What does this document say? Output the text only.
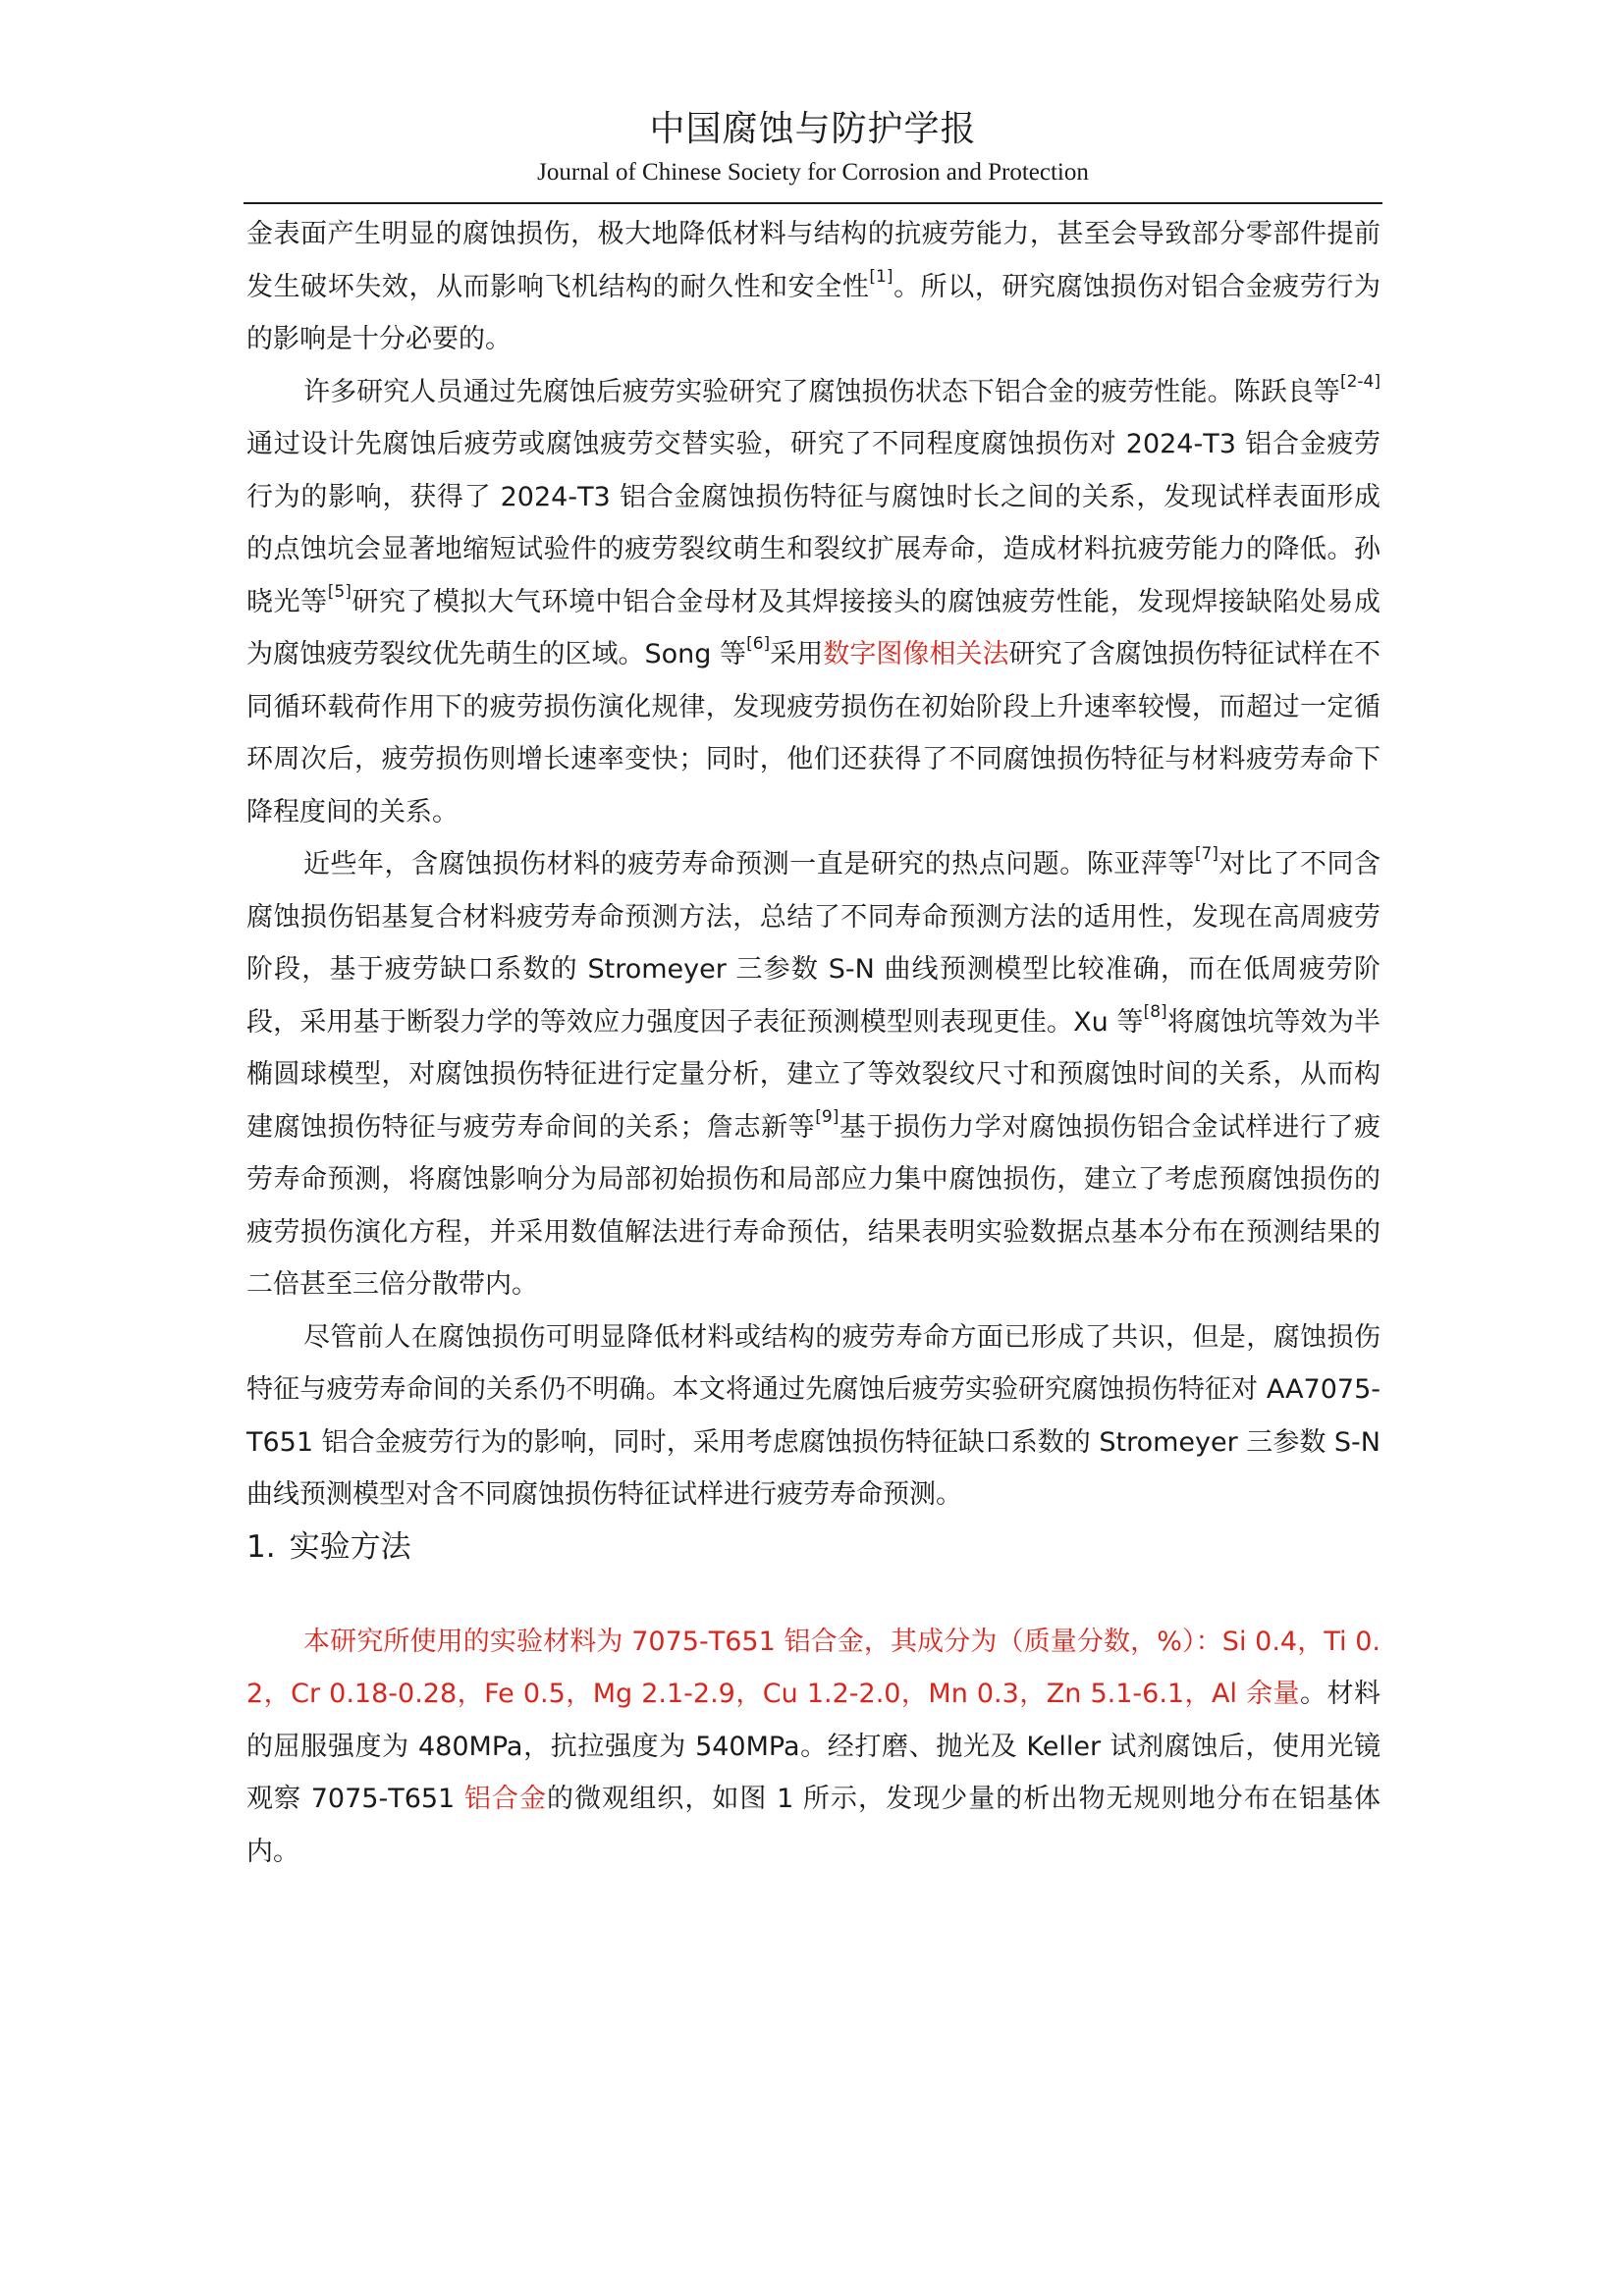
中国腐蚀与防护学报
Journal of Chinese Society for Corrosion and Protection

金表面产生明显的腐蚀损伤，极大地降低材料与结构的抗疲劳能力，甚至会导致部分零部件提前发生破坏失效，从而影响飞机结构的耐久性和安全性[1]。所以，研究腐蚀损伤对铝合金疲劳行为的影响是十分必要的。

许多研究人员通过先腐蚀后疲劳实验研究了腐蚀损伤状态下铝合金的疲劳性能。陈跃良等[2-4]通过设计先腐蚀后疲劳或腐蚀疲劳交替实验，研究了不同程度腐蚀损伤对 2024-T3 铝合金疲劳行为的影响，获得了 2024-T3 铝合金腐蚀损伤特征与腐蚀时长之间的关系，发现试样表面形成的点蚀坑会显著地缩短试验件的疲劳裂纹萌生和裂纹扩展寿命，造成材料抗疲劳能力的降低。孙晓光等[5]研究了模拟大气环境中铝合金母材及其焊接接头的腐蚀疲劳性能，发现焊接缺陷处易成为腐蚀疲劳裂纹优先萌生的区域。Song 等[6]采用数字图像相关法研究了含腐蚀损伤特征试样在不同循环载荷作用下的疲劳损伤演化规律，发现疲劳损伤在初始阶段上升速率较慢，而超过一定循环周次后，疲劳损伤则增长速率变快；同时，他们还获得了不同腐蚀损伤特征与材料疲劳寿命下降程度间的关系。

近些年，含腐蚀损伤材料的疲劳寿命预测一直是研究的热点问题。陈亚萍等[7]对比了不同含腐蚀损伤铝基复合材料疲劳寿命预测方法，总结了不同寿命预测方法的适用性，发现在高周疲劳阶段，基于疲劳缺口系数的 Stromeyer 三参数 S-N 曲线预测模型比较准确，而在低周疲劳阶段，采用基于断裂力学的等效应力强度因子表征预测模型则表现更佳。Xu 等[8]将腐蚀坑等效为半椭圆球模型，对腐蚀损伤特征进行定量分析，建立了等效裂纹尺寸和预腐蚀时间的关系，从而构建腐蚀损伤特征与疲劳寿命间的关系；詹志新等[9]基于损伤力学对腐蚀损伤铝合金试样进行了疲劳寿命预测，将腐蚀影响分为局部初始损伤和局部应力集中腐蚀损伤，建立了考虑预腐蚀损伤的疲劳损伤演化方程，并采用数值解法进行寿命预估，结果表明实验数据点基本分布在预测结果的二倍甚至三倍分散带内。

尽管前人在腐蚀损伤可明显降低材料或结构的疲劳寿命方面已形成了共识，但是，腐蚀损伤特征与疲劳寿命间的关系仍不明确。本文将通过先腐蚀后疲劳实验研究腐蚀损伤特征对 AA7075-T651 铝合金疲劳行为的影响，同时，采用考虑腐蚀损伤特征缺口系数的 Stromeyer 三参数 S-N 曲线预测模型对含不同腐蚀损伤特征试样进行疲劳寿命预测。

1. 实验方法

本研究所使用的实验材料为 7075-T651 铝合金，其成分为（质量分数，%）：Si 0.4，Ti 0.2，Cr 0.18-0.28，Fe 0.5，Mg 2.1-2.9，Cu 1.2-2.0，Mn 0.3，Zn 5.1-6.1，Al 余量。材料的屈服强度为 480MPa，抗拉强度为 540MPa。经打磨、抛光及 Keller 试剂腐蚀后，使用光镜观察 7075-T651 铝合金的微观组织，如图 1 所示，发现少量的析出物无规则地分布在铝基体内。
